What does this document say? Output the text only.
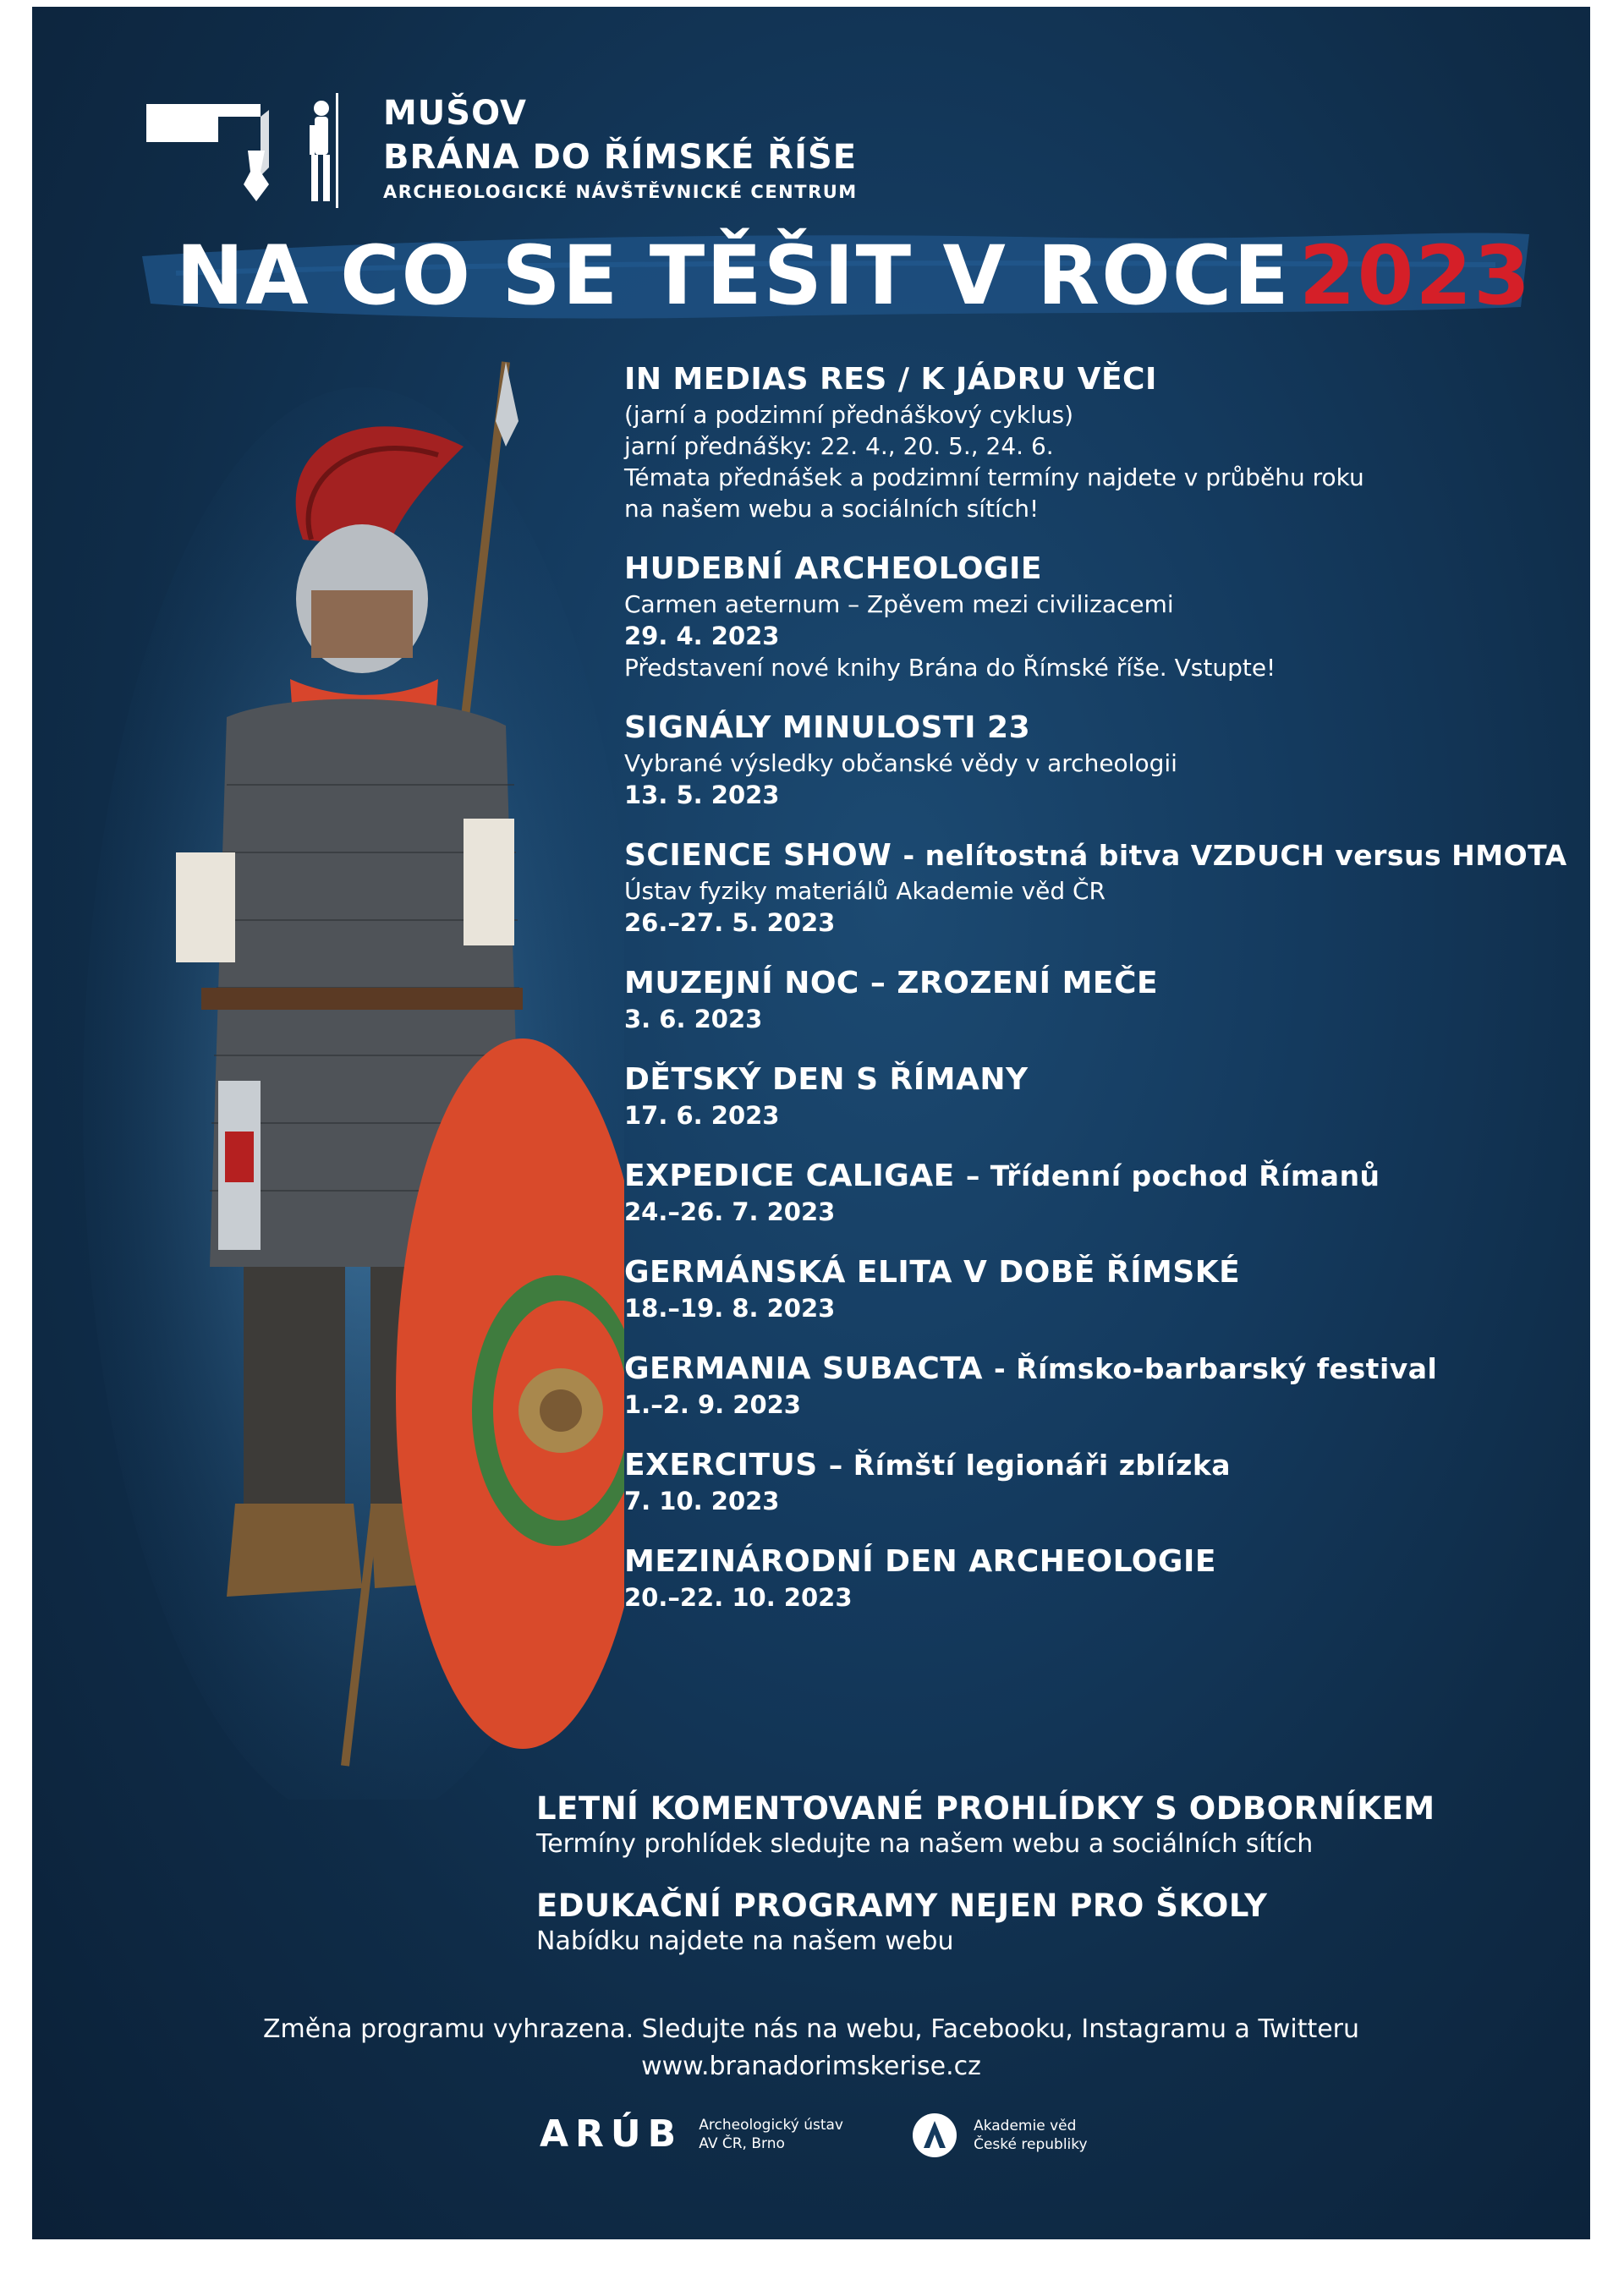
MUŠOV
BRÁNA DO ŘÍMSKÉ ŘÍŠE
ARCHEOLOGICKÉ NÁVŠTĚVNICKÉ CENTRUM
NA CO SE TĚŠIT V ROCE 2023
IN MEDIAS RES / K JÁDRU VĚCI
(jarní a podzimní přednáškový cyklus)
jarní přednášky: 22. 4., 20. 5., 24. 6.
Témata přednášek a podzimní termíny najdete v průběhu roku
na našem webu a sociálních sítích!
HUDEBNÍ ARCHEOLOGIE
Carmen aeternum – Zpěvem mezi civilizacemi
29. 4. 2023
Představení nové knihy Brána do Římské říše. Vstupte!
SIGNÁLY MINULOSTI 23
Vybrané výsledky občanské vědy v archeologii
13. 5. 2023
SCIENCE SHOW - nelítostná bitva VZDUCH versus HMOTA
Ústav fyziky materiálů Akademie věd ČR
26.–27. 5. 2023
MUZEJNÍ NOC – ZROZENÍ MEČE
3. 6. 2023
DĚTSKÝ DEN S ŘÍMANY
17. 6. 2023
EXPEDICE CALIGAE – Třídenní pochod Římanů
24.–26. 7. 2023
GERMÁNSKÁ ELITA V DOBĚ ŘÍMSKÉ
18.–19. 8. 2023
GERMANIA SUBACTA - Římsko-barbarský festival
1.–2. 9. 2023
EXERCITUS – Římští legionáři zblízka
7. 10. 2023
MEZINÁRODNÍ DEN ARCHEOLOGIE
20.–22. 10. 2023
LETNÍ KOMENTOVANÉ PROHLÍDKY S ODBORNÍKEM
Termíny prohlídek sledujte na našem webu a sociálních sítích
EDUKAČNÍ PROGRAMY NEJEN PRO ŠKOLY
Nabídku najdete na našem webu
Změna programu vyhrazena. Sledujte nás na webu, Facebooku, Instagramu a Twitteru
www.branadorimskerise.cz
ARÚB Archeologický ústav
AV ČR, Brno
Akademie věd
České republiky
